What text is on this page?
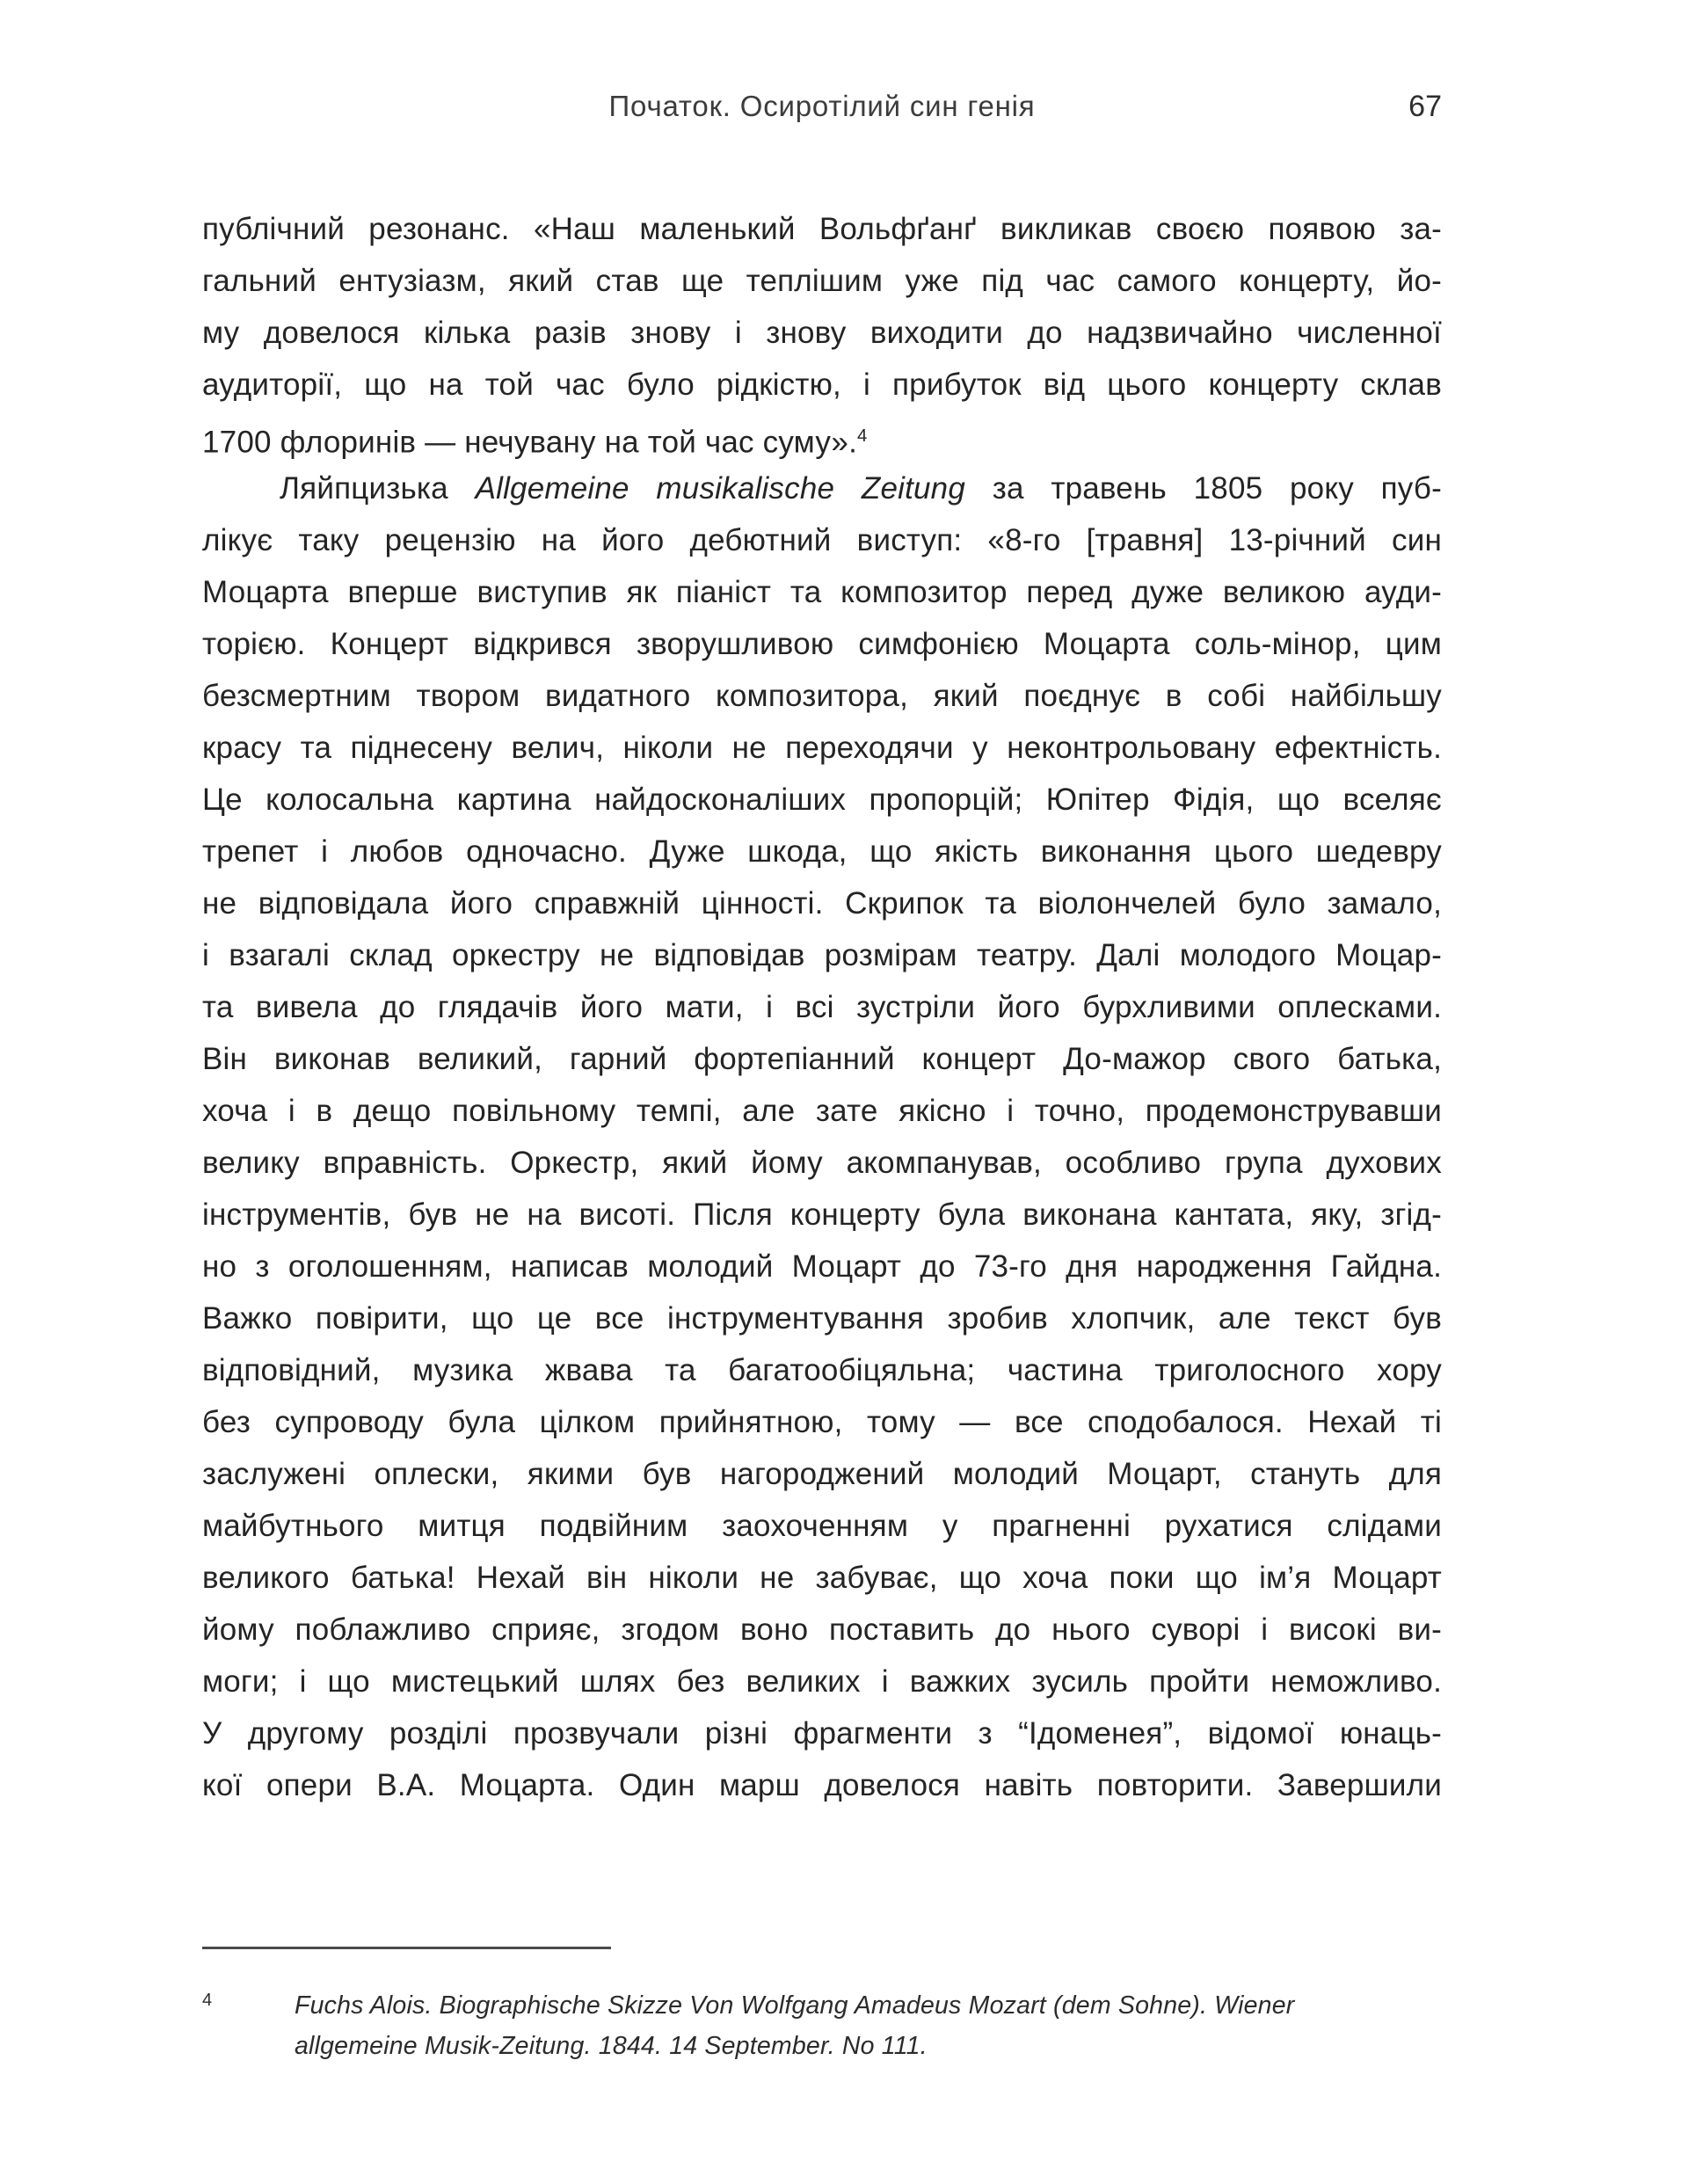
Початок. Осиротілий син генія	67
публічний резонанс. «Наш маленький Вольфґанґ викликав своєю появою за-
гальний ентузіазм, який став ще теплішим уже під час самого концерту, йо-
му довелося кілька разів знову і знову виходити до надзвичайно численної
аудиторії, що на той час було рідкістю, і прибуток від цього концерту склав
1700 флоринів — нечувану на той час суму».$^4$
Ляйпцизька Allgemeine musikalische Zeitung за травень 1805 року пуб-
лікує таку рецензію на його дебютний виступ: «8-го [травня] 13-річний син
Моцарта вперше виступив як піаніст та композитор перед дуже великою ауди-
торією. Концерт відкрився зворушливою симфонією Моцарта соль-мінор, цим
безсмертним твором видатного композитора, який поєднує в собі найбільшу
красу та піднесену велич, ніколи не переходячи у неконтрольовану ефектність.
Це колосальна картина найдосконаліших пропорцій; Юпітер Фідія, що вселяє
трепет і любов одночасно. Дуже шкода, що якість виконання цього шедевру
не відповідала його справжній цінності. Скрипок та віолончелей було замало,
і взагалі склад оркестру не відповідав розмірам театру. Далі молодого Моцар-
та вивела до глядачів його мати, і всі зустріли його бурхливими оплесками.
Він виконав великий, гарний фортепіанний концерт До-мажор свого батька,
хоча і в дещо повільному темпі, але зате якісно і точно, продемонструвавши
велику вправність. Оркестр, який йому акомпанував, особливо група духових
інструментів, був не на висоті. Після концерту була виконана кантата, яку, згід-
но з оголошенням, написав молодий Моцарт до 73-го дня народження Гайдна.
Важко повірити, що це все інструментування зробив хлопчик, але текст був
відповідний, музика жвава та багатообіцяльна; частина триголосного хору
без супроводу була цілком прийнятною, тому — все сподобалося. Нехай ті
заслужені оплески, якими був нагороджений молодий Моцарт, стануть для
майбутнього митця подвійним заохоченням у прагненні рухатися слідами
великого батька! Нехай він ніколи не забуває, що хоча поки що ім’я Моцарт
йому поблажливо сприяє, згодом воно поставить до нього суворі і високі ви-
моги; і що мистецький шлях без великих і важких зусиль пройти неможливо.
У другому розділі прозвучали різні фрагменти з “Ідоменея”, відомої юнаць-
кої опери В.А. Моцарта. Один марш довелося навіть повторити. Завершили
4	Fuchs Alois. Biographische Skizze Von Wolfgang Amadeus Mozart (dem Sohne). Wiener
allgemeine Musik-Zeitung. 1844. 14 September. No 111.
